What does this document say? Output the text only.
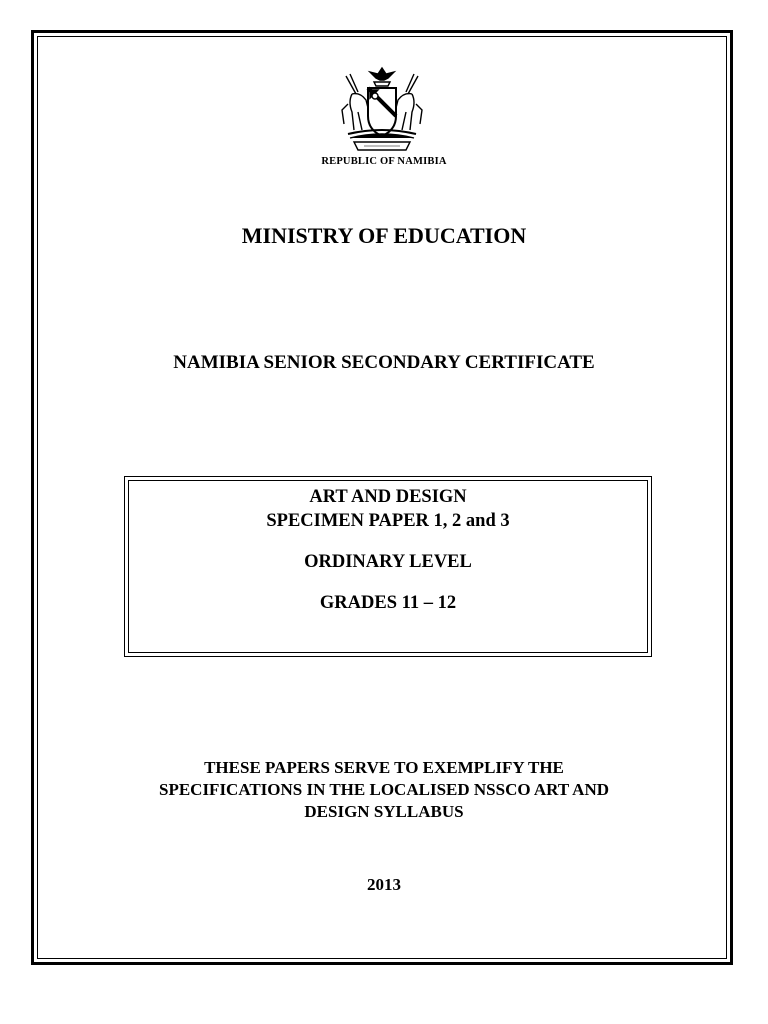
REPUBLIC OF NAMIBIA
MINISTRY OF EDUCATION
NAMIBIA SENIOR SECONDARY CERTIFICATE
ART AND DESIGN
SPECIMEN PAPER 1, 2 and 3
ORDINARY LEVEL
GRADES 11 – 12
THESE PAPERS SERVE TO EXEMPLIFY THE
SPECIFICATIONS IN THE LOCALISED NSSCO ART AND
DESIGN SYLLABUS
2013
